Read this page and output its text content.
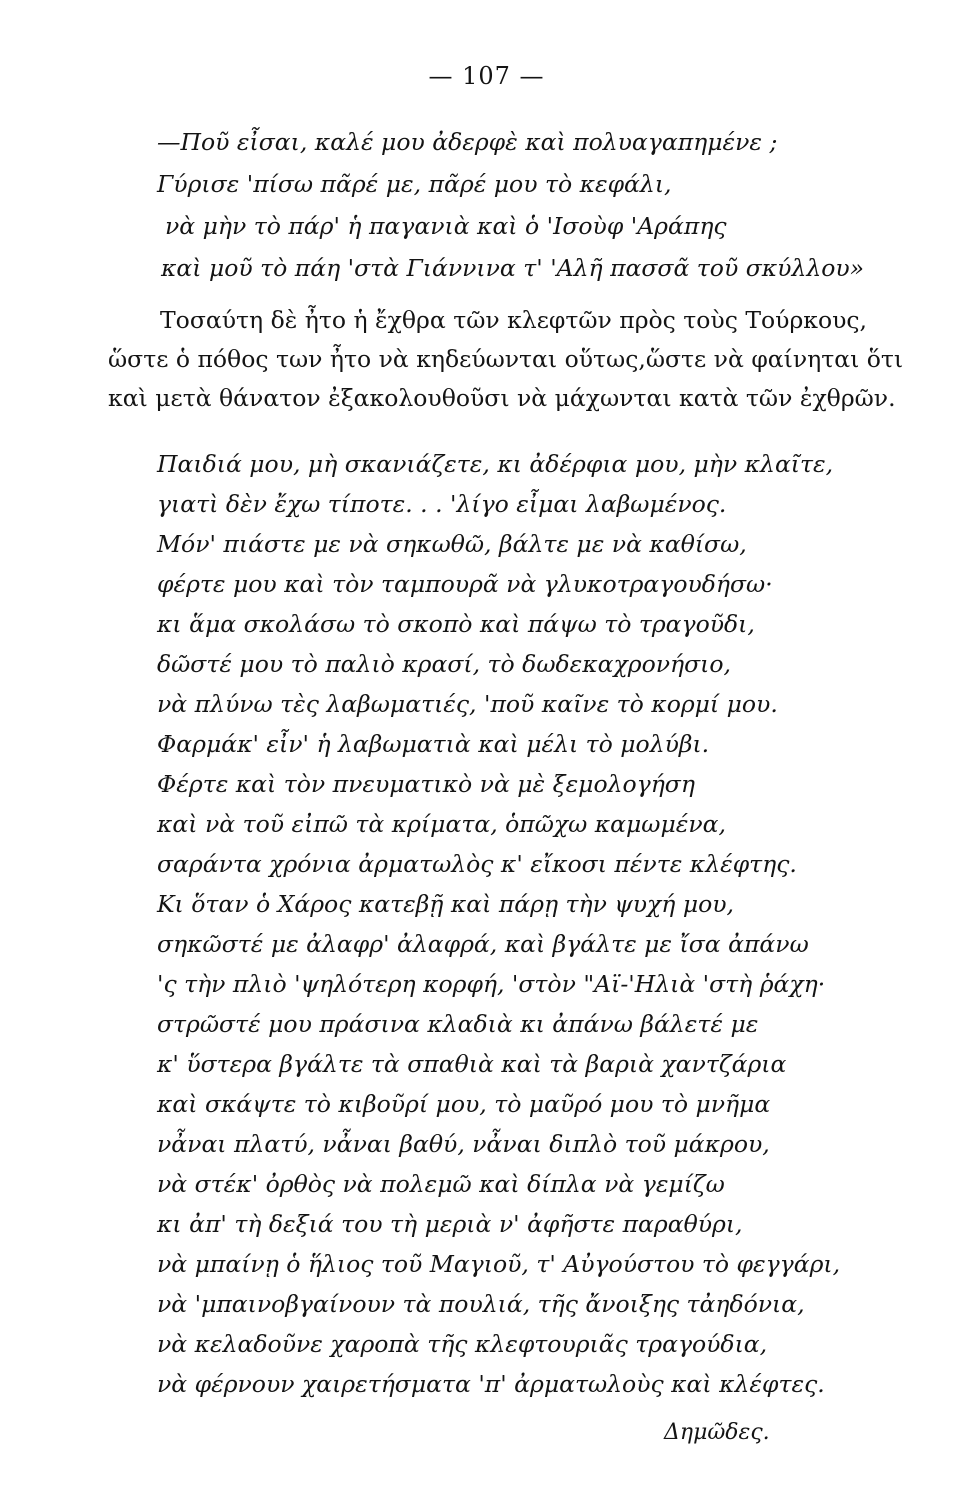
— 107 —
—Ποῦ εἶσαι, καλέ μου ἀδερφὲ καὶ πολυαγαπημένε ;
Γύρισε 'πίσω πᾶρέ με, πᾶρέ μου τὸ κεφάλι,
νὰ μὴν τὸ πάρ' ἡ παγανιὰ καὶ ὁ 'Ισοὺφ 'Αράπης
καὶ μοῦ τὸ πάη 'στὰ Γιάννινα τ' 'Αλῆ πασσᾶ τοῦ σκύλλου»
Τοσαύτη δὲ ἦτο ἡ ἔχθρα τῶν κλεφτῶν πρὸς τοὺς Τούρκους,
ὥστε ὁ πόθος των ἦτο νὰ κηδεύωνται οὕτως,ὥστε νὰ φαίνηται ὅτι
καὶ μετὰ θάνατον ἐξακολουθοῦσι νὰ μάχωνται κατὰ τῶν ἐχθρῶν.
Παιδιά μου, μὴ σκανιάζετε, κι ἀδέρφια μου, μὴν κλαῖτε,
γιατὶ δὲν ἔχω τίποτε. . . 'λίγο εἶμαι λαβωμένος.
Μόν' πιάστε με νὰ σηκωθῶ, βάλτε με νὰ καθίσω,
φέρτε μου καὶ τὸν ταμπουρᾶ νὰ γλυκοτραγουδήσω·
κι ἅμα σκολάσω τὸ σκοπὸ καὶ πάψω τὸ τραγοῦδι,
δῶστέ μου τὸ παλιὸ κρασί, τὸ δωδεκαχρονήσιο,
νὰ πλύνω τὲς λαβωματιές, 'ποῦ καῖνε τὸ κορμί μου.
Φαρμάκ' εἶν' ἡ λαβωματιὰ καὶ μέλι τὸ μολύβι.
Φέρτε καὶ τὸν πνευματικὸ νὰ μὲ ξεμολογήση
καὶ νὰ τοῦ εἰπῶ τὰ κρίματα, ὁπῶχω καμωμένα,
σαράντα χρόνια ἀρματωλὸς κ' εἴκοσι πέντε κλέφτης.
Κι ὅταν ὁ Χάρος κατεβῇ καὶ πάρῃ τὴν ψυχή μου,
σηκῶστέ με ἀλαφρ' ἀλαφρά, καὶ βγάλτε με ἴσα ἀπάνω
'ς τὴν πλιὸ 'ψηλότερη κορφή, 'στὸν "Αϊ-'Ηλιὰ 'στὴ ῥάχη·
στρῶστέ μου πράσινα κλαδιὰ κι ἀπάνω βάλετέ με
κ' ὕστερα βγάλτε τὰ σπαθιὰ καὶ τὰ βαριὰ χαντζάρια
καὶ σκάψτε τὸ κιβοῦρί μου, τὸ μαῦρό μου τὸ μνῆμα
νἆναι πλατύ, νἆναι βαθύ, νἆναι διπλὸ τοῦ μάκρου,
νὰ στέκ' ὀρθὸς νὰ πολεμῶ καὶ δίπλα νὰ γεμίζω
κι ἀπ' τὴ δεξιά του τὴ μεριὰ ν' ἀφῆστε παραθύρι,
νὰ μπαίνῃ ὁ ἥλιος τοῦ Μαγιοῦ, τ' Αὐγούστου τὸ φεγγάρι,
νὰ 'μπαινοβγαίνουν τὰ πουλιά, τῆς ἄνοιξης τἀηδόνια,
νὰ κελαδοῦνε χαροπὰ τῆς κλεφτουριᾶς τραγούδια,
νὰ φέρνουν χαιρετήσματα 'π' ἀρματωλοὺς καὶ κλέφτες.
Δημῶδες.
